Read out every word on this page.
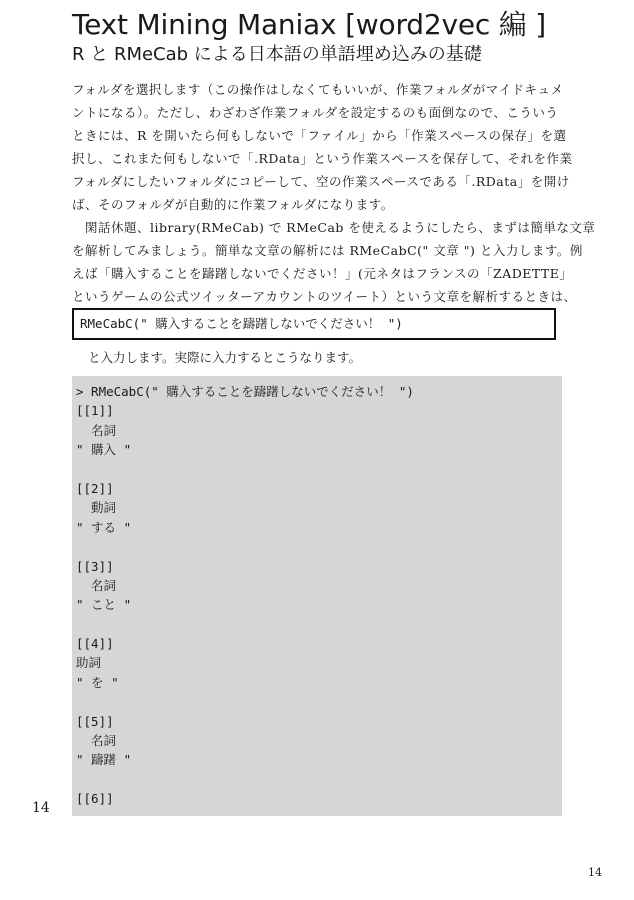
Text Mining Maniax [word2vec 編 ]
R と RMeCab による日本語の単語埋め込みの基礎

フォルダを選択します（この操作はしなくてもいいが、作業フォルダがマイドキュメ

ントになる）。ただし、わざわざ作業フォルダを設定するのも面倒なので、こういう

ときには、R を開いたら何もしないで「ファイル」から「作業スペースの保存」を選

択し、これまた何もしないで「.RData」という作業スペースを保存して、それを作業

フォルダにしたいフォルダにコピーして、空の作業スペースである「.RData」を開け

ば、そのフォルダが自動的に作業フォルダになります。

　閑話休題、library(RMeCab) で RMeCab を使えるようにしたら、まずは簡単な文章

を解析してみましょう。簡単な文章の解析には RMeCabC(" 文章 ") と入力します。例

えば「購入することを躊躇しないでください！」(元ネタはフランスの「ZADETTE」

というゲームの公式ツイッターアカウントのツイート）という文章を解析するときは、

RMeCabC(" 購入することを躊躇しないでください！ ")
と入力します。実際に入力するとこうなります。
> RMeCabC(" 購入することを躊躇しないでください！ ")
[[1]]
名詞
" 購入 "
[[2]]
動詞
" する "
[[3]]
名詞
" こと "
[[4]]
助詞
" を "
[[5]]
名詞
" 躊躇 "
[[6]]
14
14
